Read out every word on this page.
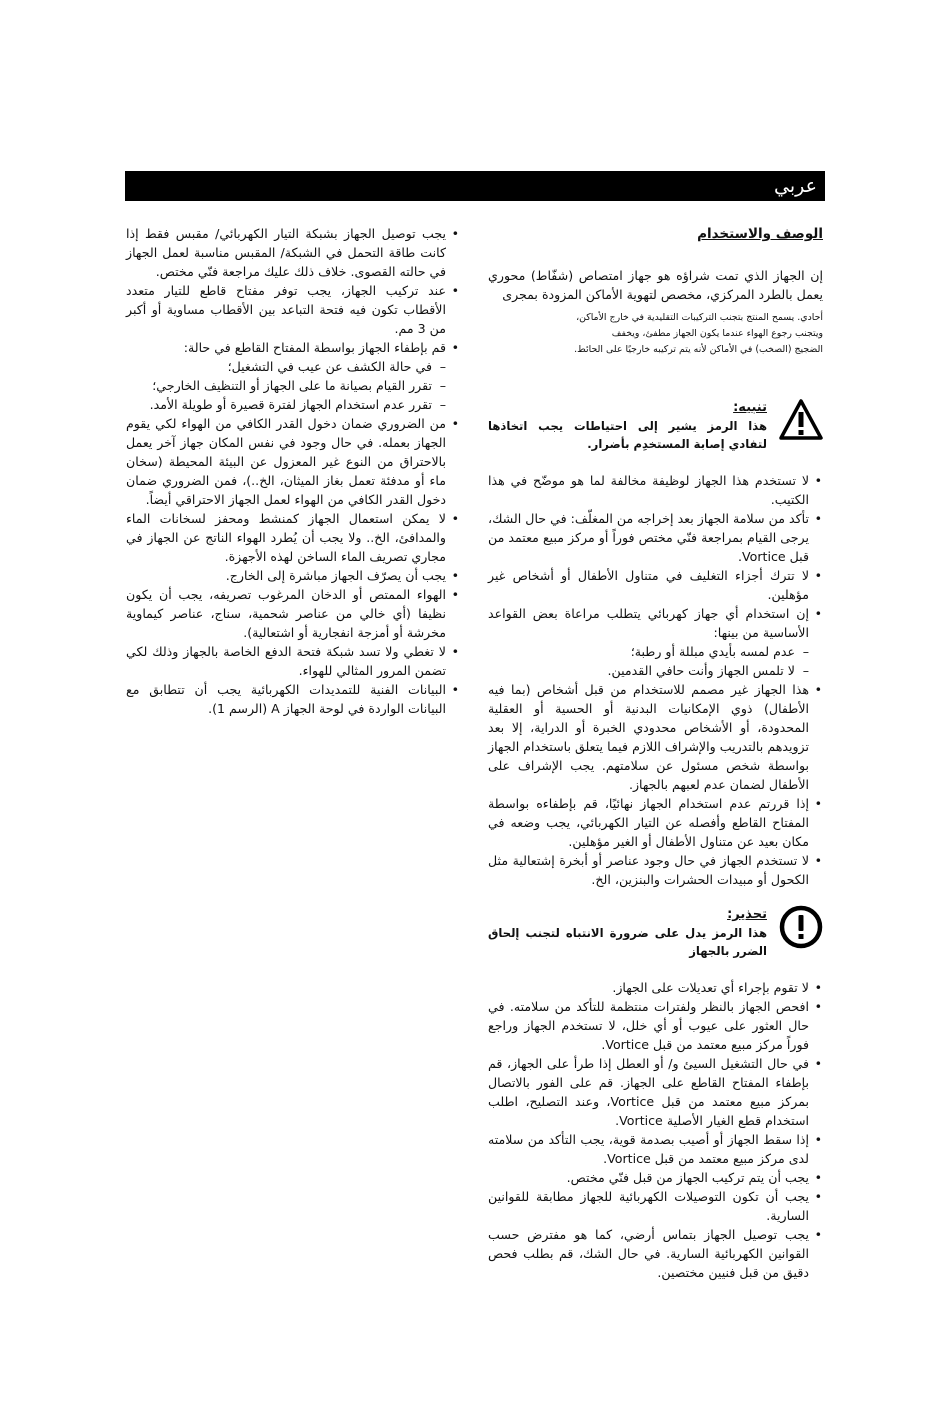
عربي
الوصف والاستخدام

إن الجهاز الذي تمت شراؤه هو جهاز امتصاص (شفّاط) محوري يعمل بالطرد المركزي، مخصص لتهوية الأماكن المزودة بمجرى

أحادي. يسمح المنتج بتجنب التركيبات التقليدية في خارج الأماكن،
ويتجنب رجوع الهواء عندما يكون الجهاز مطفئ، ويخفف
الضجيج (الصخب) في الأماكن لأنه يتم تركيبه خارجيًا على الحائط.
تنبيه:
هذا الرمز يشير إلى احتياطات يجب اتخاذها لتفادي إصابة المستخدِم بأضرار.
• لا تستخدم هذا الجهاز لوظيفة مخالفة لما هو موضّح في هذا الكتيب.
• تأكد من سلامة الجهاز بعد إخراجه من المغلّف: في حال الشك، يرجى القيام بمراجعة فنّي مختص فوراً أو مركز مبيع معتمد من قبل Vortice.
• لا تترك أجزاء التغليف في متناول الأطفال أو أشخاص غير مؤهلين.
• إن استخدام أي جهاز كهربائي يتطلب مراعاة بعض القواعد الأساسية من بينها:
– عدم لمسه بأيدي مبللة أو رطبة؛
– لا تلمس الجهاز وأنت حافي القدمين.
• هذا الجهاز غير مصمم للاستخدام من قبل أشخاص (بما فيه الأطفال) ذوي الإمكانيات البدنية أو الحسية أو العقلية المحدودة، أو الأشخاص محدودي الخبرة أو الدراية، إلا بعد تزويدهم بالتدريب والإشراف اللازم فيما يتعلق باستخدام الجهاز بواسطة شخص مسئول عن سلامتهم. يجب الإشراف على الأطفال لضمان عدم لعبهم بالجهاز.
• إذا قررتم عدم استخدام الجهاز نهائيًا، قم بإطفاءه بواسطة المفتاح القاطع وأفصله عن التيار الكهربائي، يجب وضعه في مكان بعيد عن متناول الأطفال أو الغير مؤهلين.
• لا تستخدم الجهاز في حال وجود عناصر أو أبخرة إشتعالية مثل الكحول أو مبيدات الحشرات والبنزين، الخ.
تحذير:
هذا الرمز يدل على ضرورة الانتباه لتجنب إلحاق الضرر بالجهاز
• لا تقوم بإجراء أي تعديلات على الجهاز.
• افحص الجهاز بالنظر ولفترات منتظمة للتأكد من سلامته. في حال العثور على عيوب أو أي خلل، لا تستخدم الجهاز وراجع فوراً مركز مبيع معتمد من قبل Vortice.
• في حال التشغيل السيئ و/ أو العطل إذا طرأ على الجهاز، قم بإطفاء المفتاح القاطع على الجهاز. قم على الفور بالاتصال بمركز مبيع معتمد من قبل Vortice، وعند التصليح، اطلب استخدام قطع الغيار الأصلية Vortice.
• إذا سقط الجهاز أو أصيب بصدمة قوية، يجب التأكد من سلامته لدى مركز مبيع معتمد من قبل Vortice.
• يجب أن يتم تركيب الجهاز من قبل فنّي مختص.
• يجب أن تكون التوصيلات الكهربائية للجهاز مطابقة للقوانين السارية.
• يجب توصيل الجهاز بتماس أرضي، كما هو مفترض حسب القوانين الكهربائية السارية. في حال الشك، قم بطلب فحص دقيق من قبل فنيين مختصين.
• يجب توصيل الجهاز بشبكة التيار الكهربائي/ مقبس فقط إذا كانت طاقة التحمل في الشبكة/ المقبس مناسبة لعمل الجهاز في حالته القصوى. خلاف ذلك عليك مراجعة فنّي مختص.
• عند تركيب الجهاز، يجب توفر مفتاح قاطع للتيار متعدد الأقطاب تكون فيه فتحة التباعد بين الأقطاب مساوية أو أكبر من 3 مم.
• قم بإطفاء الجهاز بواسطة المفتاح القاطع في حالة:
– في حالة الكشف عن عيب في التشغيل؛
– تقرر القيام بصيانة ما على الجهاز أو التنظيف الخارجي؛
– تقرر عدم استخدام الجهاز لفترة قصيرة أو طويلة الأمد.
• من الضروري ضمان دخول القدر الكافي من الهواء لكي يقوم الجهاز بعمله. في حال وجود في نفس المكان جهاز آخر يعمل بالاحتراق من النوع غير المعزول عن البيئة المحيطة (سخان ماء أو مدفئة تعمل بغاز الميثان، الخ..)، فمن الضروري ضمان دخول القدر الكافي من الهواء لعمل الجهاز الاحتراقي أيضاً.
• لا يمكن استعمال الجهاز كمنشط ومحفز لسخانات الماء والمدافئ، الخ.. ولا يجب أن يُطرد الهواء الناتج عن الجهاز في مجاري تصريف الماء الساخن لهذه الأجهزة.
• يجب أن يصرّف الجهاز مباشرة إلى الخارج.
• الهواء الممتص أو الدخان المرغوب تصريفه، يجب أن يكون نظيفا (أي خالي من عناصر شحمية، سناج، عناصر كيماوية مخرشة أو أمزجة انفجارية أو اشتعالية).
• لا تغطي ولا تسد شبكة فتحة الدفع الخاصة بالجهاز وذلك لكي تضمن المرور المثالي للهواء.
• البيانات الفنية للتمديدات الكهربائية يجب أن تتطابق مع البيانات الواردة في لوحة الجهاز A (الرسم 1).
